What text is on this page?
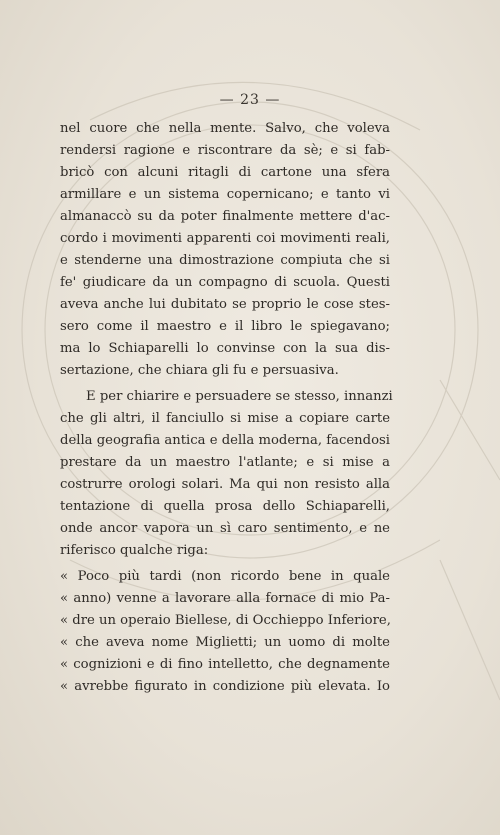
— 23 —
nel cuore che nella mente. Salvo, che voleva
rendersi ragione e riscontrare da sè; e si fab-
bricò con alcuni ritagli di cartone una sfera
armillare e un sistema copernicano; e tanto vi
almanaccò su da poter finalmente mettere d'ac-
cordo i movimenti apparenti coi movimenti reali,
e stenderne una dimostrazione compiuta che si
fe' giudicare da un compagno di scuola. Questi
aveva anche lui dubitato se proprio le cose stes-
sero come il maestro e il libro le spiegavano;
ma lo Schiaparelli lo convinse con la sua dis-
sertazione, che chiara gli fu e persuasiva.
E per chiarire e persuadere se stesso, innanzi
che gli altri, il fanciullo si mise a copiare carte
della geografia antica e della moderna, facendosi
prestare da un maestro l'atlante; e si mise a
costrurre orologi solari. Ma qui non resisto alla
tentazione di quella prosa dello Schiaparelli,
onde ancor vapora un sì caro sentimento, e ne
riferisco qualche riga:
« Poco più tardi (non ricordo bene in quale
« anno) venne a lavorare alla fornace di mio Pa-
« dre un operaio Biellese, di Occhieppo Inferiore,
« che aveva nome Miglietti; un uomo di molte
« cognizioni e di fino intelletto, che degnamente
« avrebbe figurato in condizione più elevata. Io
